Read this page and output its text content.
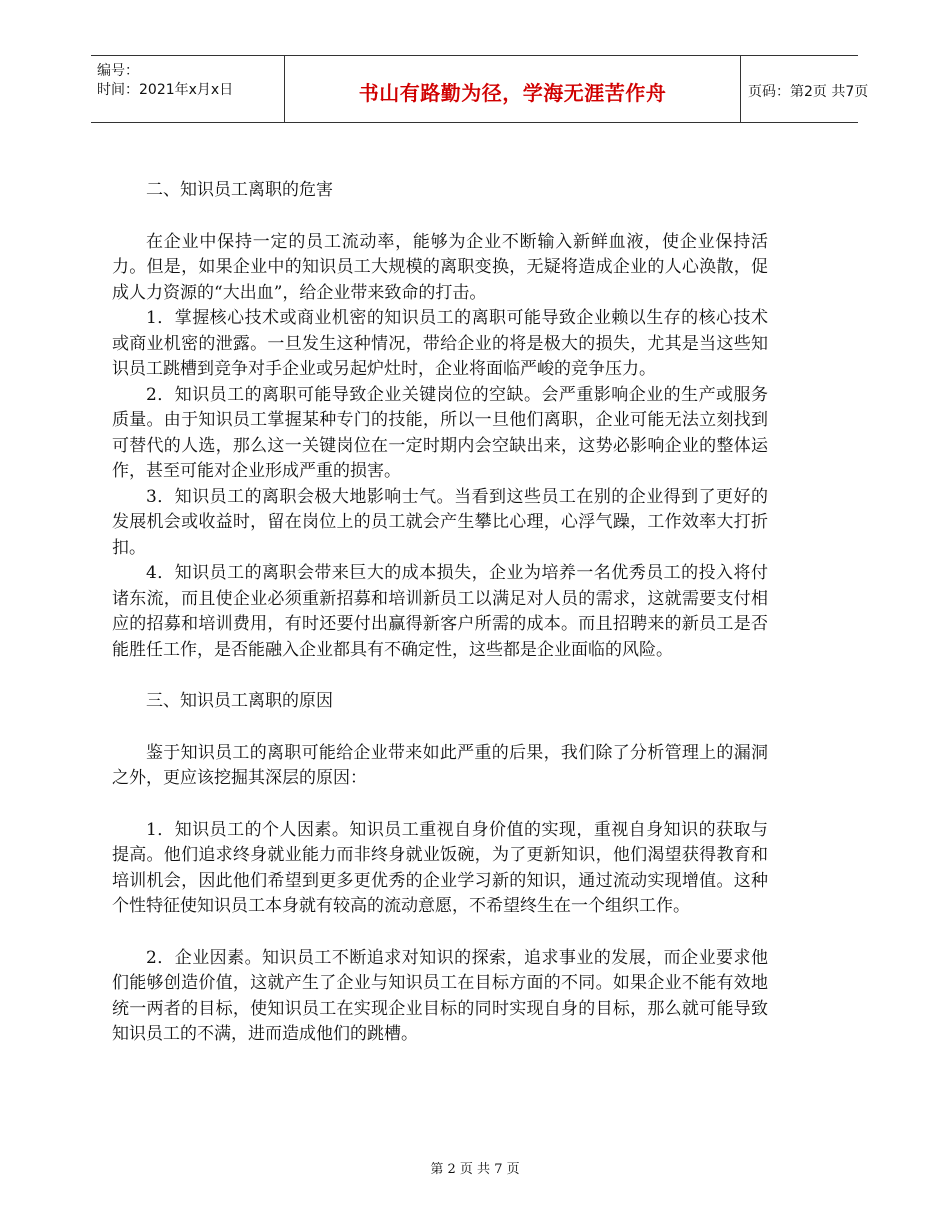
编号：
时间：2021年x月x日	书山有路勤为径，学海无涯苦作舟	页码：第2页 共7页
二、知识员工离职的危害

在企业中保持一定的员工流动率，能够为企业不断输入新鲜血液，使企业保持活力。但是，如果企业中的知识员工大规模的离职变换，无疑将造成企业的人心涣散，促成人力资源的“大出血”，给企业带来致命的打击。

1．掌握核心技术或商业机密的知识员工的离职可能导致企业赖以生存的核心技术或商业机密的泄露。一旦发生这种情况，带给企业的将是极大的损失，尤其是当这些知识员工跳槽到竞争对手企业或另起炉灶时，企业将面临严峻的竞争压力。

2．知识员工的离职可能导致企业关键岗位的空缺。会严重影响企业的生产或服务质量。由于知识员工掌握某种专门的技能，所以一旦他们离职，企业可能无法立刻找到可替代的人选，那么这一关键岗位在一定时期内会空缺出来，这势必影响企业的整体运作，甚至可能对企业形成严重的损害。

3．知识员工的离职会极大地影响士气。当看到这些员工在别的企业得到了更好的发展机会或收益时，留在岗位上的员工就会产生攀比心理，心浮气躁，工作效率大打折扣。

4．知识员工的离职会带来巨大的成本损失，企业为培养一名优秀员工的投入将付诸东流，而且使企业必须重新招募和培训新员工以满足对人员的需求，这就需要支付相应的招募和培训费用，有时还要付出赢得新客户所需的成本。而且招聘来的新员工是否能胜任工作，是否能融入企业都具有不确定性，这些都是企业面临的风险。

三、知识员工离职的原因

鉴于知识员工的离职可能给企业带来如此严重的后果，我们除了分析管理上的漏洞之外，更应该挖掘其深层的原因：

1．知识员工的个人因素。知识员工重视自身价值的实现，重视自身知识的获取与提高。他们追求终身就业能力而非终身就业饭碗，为了更新知识，他们渴望获得教育和培训机会，因此他们希望到更多更优秀的企业学习新的知识，通过流动实现增值。这种个性特征使知识员工本身就有较高的流动意愿，不希望终生在一个组织工作。

2．企业因素。知识员工不断追求对知识的探索，追求事业的发展，而企业要求他们能够创造价值，这就产生了企业与知识员工在目标方面的不同。如果企业不能有效地统一两者的目标，使知识员工在实现企业目标的同时实现自身的目标，那么就可能导致知识员工的不满，进而造成他们的跳槽。

第 2 页 共 7 页
